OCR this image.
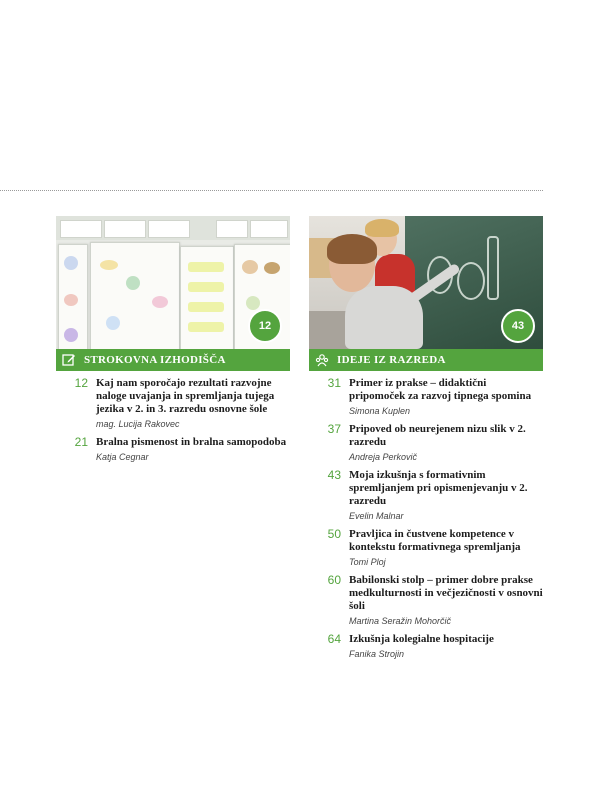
12
STROKOVNA IZHODIŠČA
12 Kaj nam sporočajo rezultati razvojne naloge uvajanja in spremljanja tujega jezika v 2. in 3. razredu osnovne šole
mag. Lucija Rakovec
21 Bralna pismenost in bralna samopodoba
Katja Cegnar
43
IDEJE IZ RAZREDA
31 Primer iz prakse – didaktični pripomoček za razvoj tipnega spomina
Simona Kuplen
37 Pripoved ob neurejenem nizu slik v 2. razredu
Andreja Perkovič
43 Moja izkušnja s formativnim spremljanjem pri opismenjevanju v 2. razredu
Evelin Malnar
50 Pravljica in čustvene kompetence v kontekstu formativnega spremljanja
Tomi Ploj
60 Babilonski stolp – primer dobre prakse medkulturnosti in večjezičnosti v osnovni šoli
Martina Seražin Mohorčič
64 Izkušnja kolegialne hospitacije
Fanika Strojin
